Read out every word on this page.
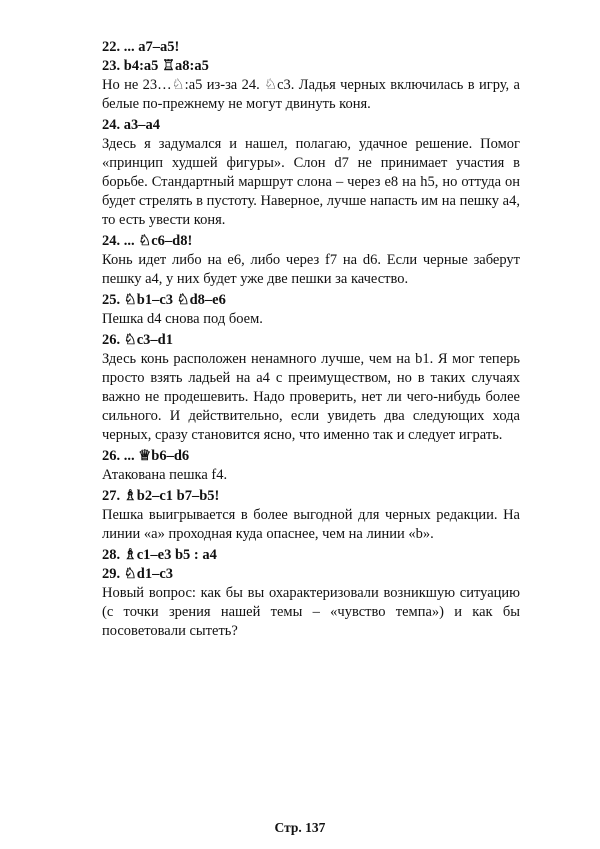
22. ... a7–a5!

23. b4:a5 ♖a8:a5

Но не 23…♘:a5 из-за 24. ♘c3. Ладья черных включилась в игру, а белые по-прежнему не могут двинуть коня.

24. a3–a4

Здесь я задумался и нашел, полагаю, удачное решение. Помог «принцип худшей фигуры». Слон d7 не принимает участия в борьбе. Стандартный маршрут слона – через e8 на h5, но оттуда он будет стрелять в пустоту. Наверное, лучше напасть им на пешку a4, то есть увести коня.

24. ... ♘c6–d8!

Конь идет либо на e6, либо через f7 на d6. Если черные заберут пешку a4, у них будет уже две пешки за качество.

25. ♘b1–c3 ♘d8–e6

Пешка d4 снова под боем.

26. ♘c3–d1

Здесь конь расположен ненамного лучше, чем на b1. Я мог теперь просто взять ладьей на a4 с преимуществом, но в таких случаях важно не продешевить. Надо проверить, нет ли чего-нибудь более сильного. И действительно, если увидеть два следующих хода черных, сразу становится ясно, что именно так и следует играть.

26. ... ♕b6–d6

Атакована пешка f4.

27. ♗b2–c1 b7–b5!

Пешка выигрывается в более выгодной для черных редакции. На линии «a» проходная куда опаснее, чем на линии «b».

28. ♗c1–e3 b5 : a4

29. ♘d1–c3

Новый вопрос: как бы вы охарактеризовали возникшую ситуацию (с точки зрения нашей темы – «чувство темпа») и как бы посоветовали сытеть?

Стр. 137
